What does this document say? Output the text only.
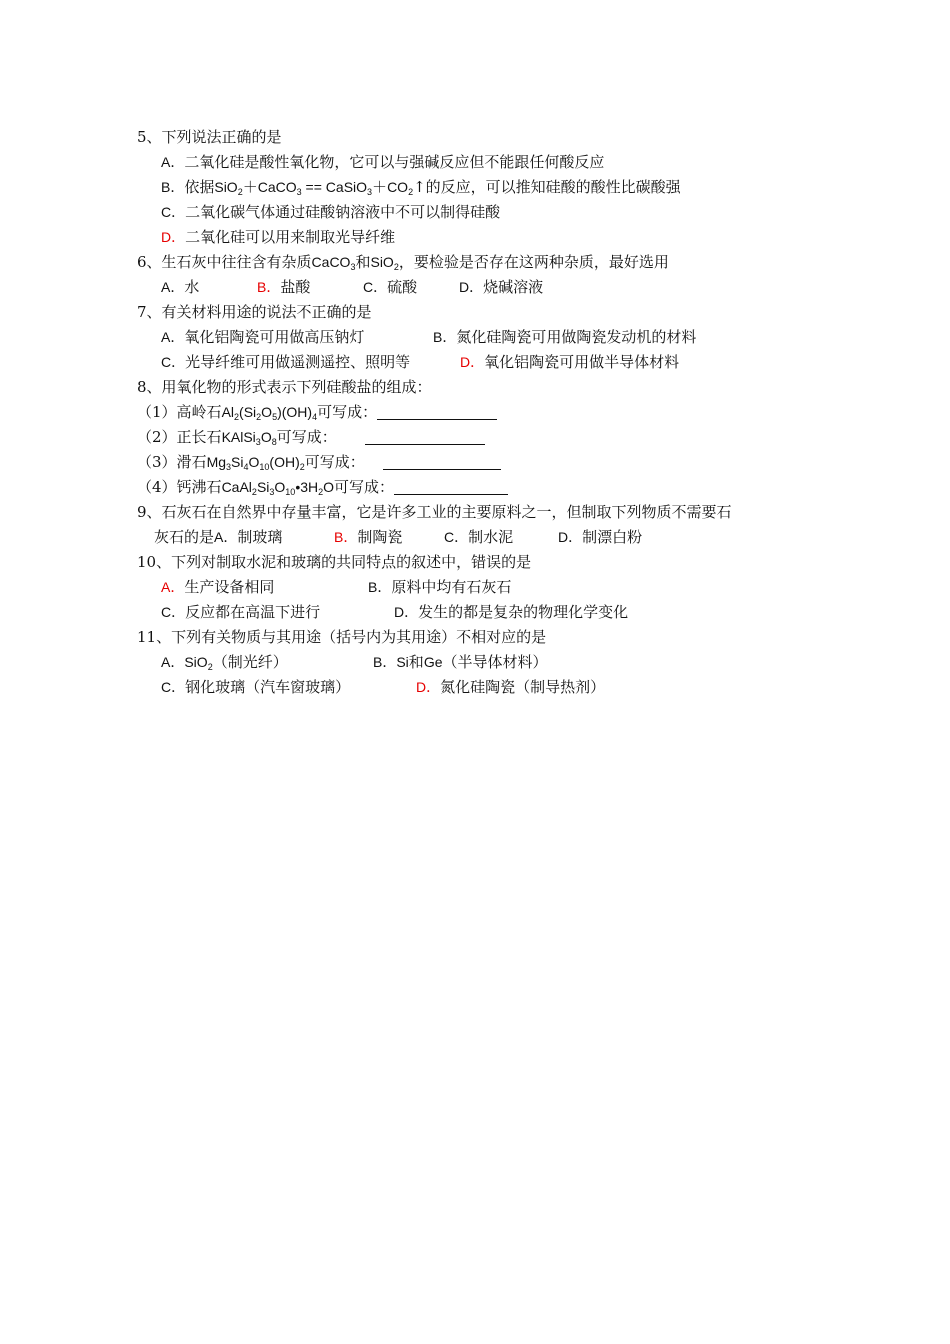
5、下列说法正确的是
A．二氧化硅是酸性氧化物，它可以与强碱反应但不能跟任何酸反应
B．依据SiO$_2$＋CaCO$_3$ == $CaSiO_3+CO_2↑$的反应，可以推知硅酸的酸性比碳酸强
C．二氧化碳气体通过硅酸钠溶液中不可以制得硅酸
D．二氧化硅可以用来制取光导纤维
6、生石灰中往往含有杂质CaCO$_3$和SiO$_2$，要检验是否存在这两种杂质，最好选用
A．水	B．盐酸	C．硫酸	D．烧碱溶液
7、有关材料用途的说法不正确的是
A．氧化铝陶瓷可用做高压钠灯	B．氮化硅陶瓷可用做陶瓷发动机的材料
C．光导纤维可用做遥测遥控、照明等	D．氧化铝陶瓷可用做半导体材料
8、用氧化物的形式表示下列硅酸盐的组成：
（1）高岭石$Al_2(Si_2O_5)(OH)_4$可写成：
（2）正长石$KAlSi_3O_8$可写成：
（3）滑石$Mg_3Si_4O_{10}(OH)_2$可写成：
（4）钙沸石$CaAl_2Si_3O_{10}•3H_2O$可写成：
9、石灰石在自然界中存量丰富，它是许多工业的主要原料之一，但制取下列物质不需要石
灰石的是A．制玻璃	B．制陶瓷	C．制水泥	D．制漂白粉
10、下列对制取水泥和玻璃的共同特点的叙述中，错误的是
A．生产设备相同	B．原料中均有石灰石
C．反应都在高温下进行	D．发生的都是复杂的物理化学变化
11、下列有关物质与其用途（括号内为其用途）不相对应的是
A．SiO$_2$（制光纤）	B．Si和Ge（半导体材料）
C．钢化玻璃（汽车窗玻璃）	D．氮化硅陶瓷（制导热剂）
